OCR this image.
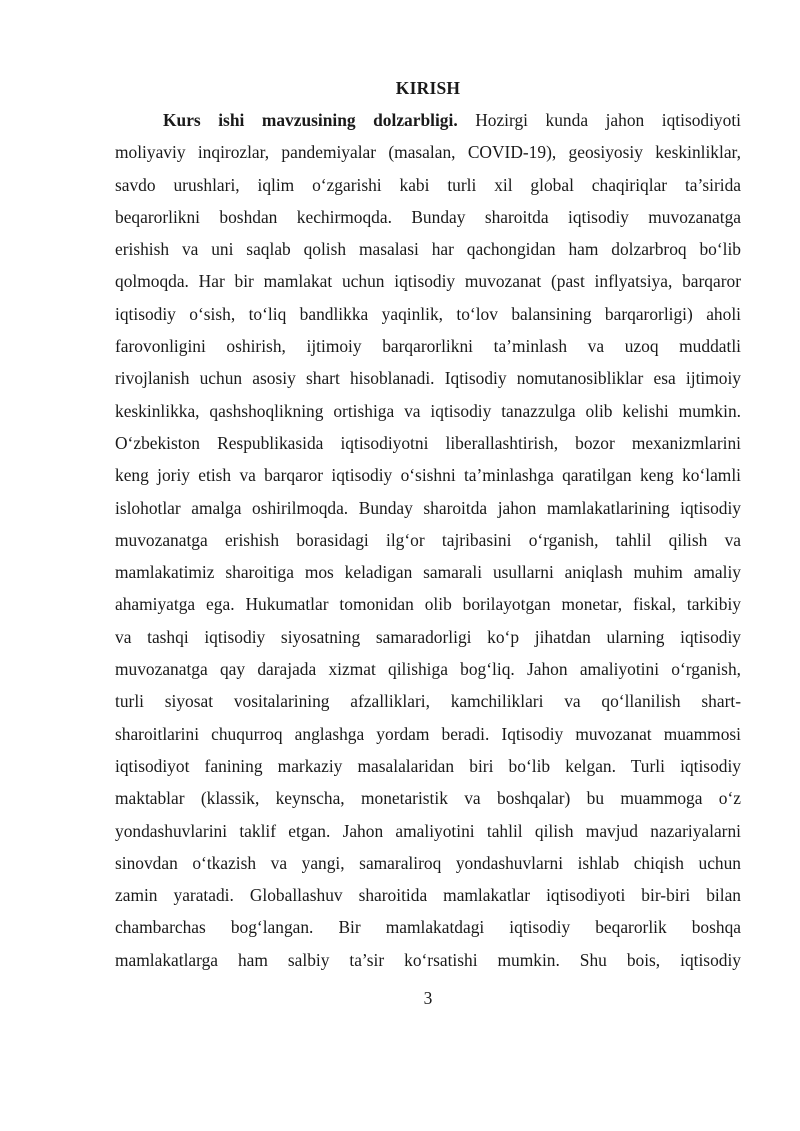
KIRISH
Kurs ishi mavzusining dolzarbligi. Hozirgi kunda jahon iqtisodiyoti
moliyaviy inqirozlar, pandemiyalar (masalan, COVID-19), geosiyosiy keskinliklar,
savdo urushlari, iqlim o‘zgarishi kabi turli xil global chaqiriqlar ta’sirida
beqarorlikni boshdan kechirmoqda. Bunday sharoitda iqtisodiy muvozanatga
erishish va uni saqlab qolish masalasi har qachongidan ham dolzarbroq bo‘lib
qolmoqda. Har bir mamlakat uchun iqtisodiy muvozanat (past inflyatsiya, barqaror
iqtisodiy o‘sish, to‘liq bandlikka yaqinlik, to‘lov balansining barqarorligi) aholi
farovonligini oshirish, ijtimoiy barqarorlikni ta’minlash va uzoq muddatli
rivojlanish uchun asosiy shart hisoblanadi. Iqtisodiy nomutanosibliklar esa ijtimoiy
keskinlikka, qashshoqlikning ortishiga va iqtisodiy tanazzulga olib kelishi mumkin.
O‘zbekiston Respublikasida iqtisodiyotni liberallashtirish, bozor mexanizmlarini
keng joriy etish va barqaror iqtisodiy o‘sishni ta’minlashga qaratilgan keng ko‘lamli
islohotlar amalga oshirilmoqda. Bunday sharoitda jahon mamlakatlarining iqtisodiy
muvozanatga erishish borasidagi ilg‘or tajribasini o‘rganish, tahlil qilish va
mamlakatimiz sharoitiga mos keladigan samarali usullarni aniqlash muhim amaliy
ahamiyatga ega. Hukumatlar tomonidan olib borilayotgan monetar, fiskal, tarkibiy
va tashqi iqtisodiy siyosatning samaradorligi ko‘p jihatdan ularning iqtisodiy
muvozanatga qay darajada xizmat qilishiga bog‘liq. Jahon amaliyotini o‘rganish,
turli siyosat vositalarining afzalliklari, kamchiliklari va qo‘llanilish shart-
sharoitlarini chuqurroq anglashga yordam beradi. Iqtisodiy muvozanat muammosi
iqtisodiyot fanining markaziy masalalaridan biri bo‘lib kelgan. Turli iqtisodiy
maktablar (klassik, keynscha, monetaristik va boshqalar) bu muammoga o‘z
yondashuvlarini taklif etgan. Jahon amaliyotini tahlil qilish mavjud nazariyalarni
sinovdan o‘tkazish va yangi, samaraliroq yondashuvlarni ishlab chiqish uchun
zamin yaratadi. Globallashuv sharoitida mamlakatlar iqtisodiyoti bir-biri bilan
chambarchas bog‘langan. Bir mamlakatdagi iqtisodiy beqarorlik boshqa
mamlakatlarga ham salbiy ta’sir ko‘rsatishi mumkin. Shu bois, iqtisodiy
3
